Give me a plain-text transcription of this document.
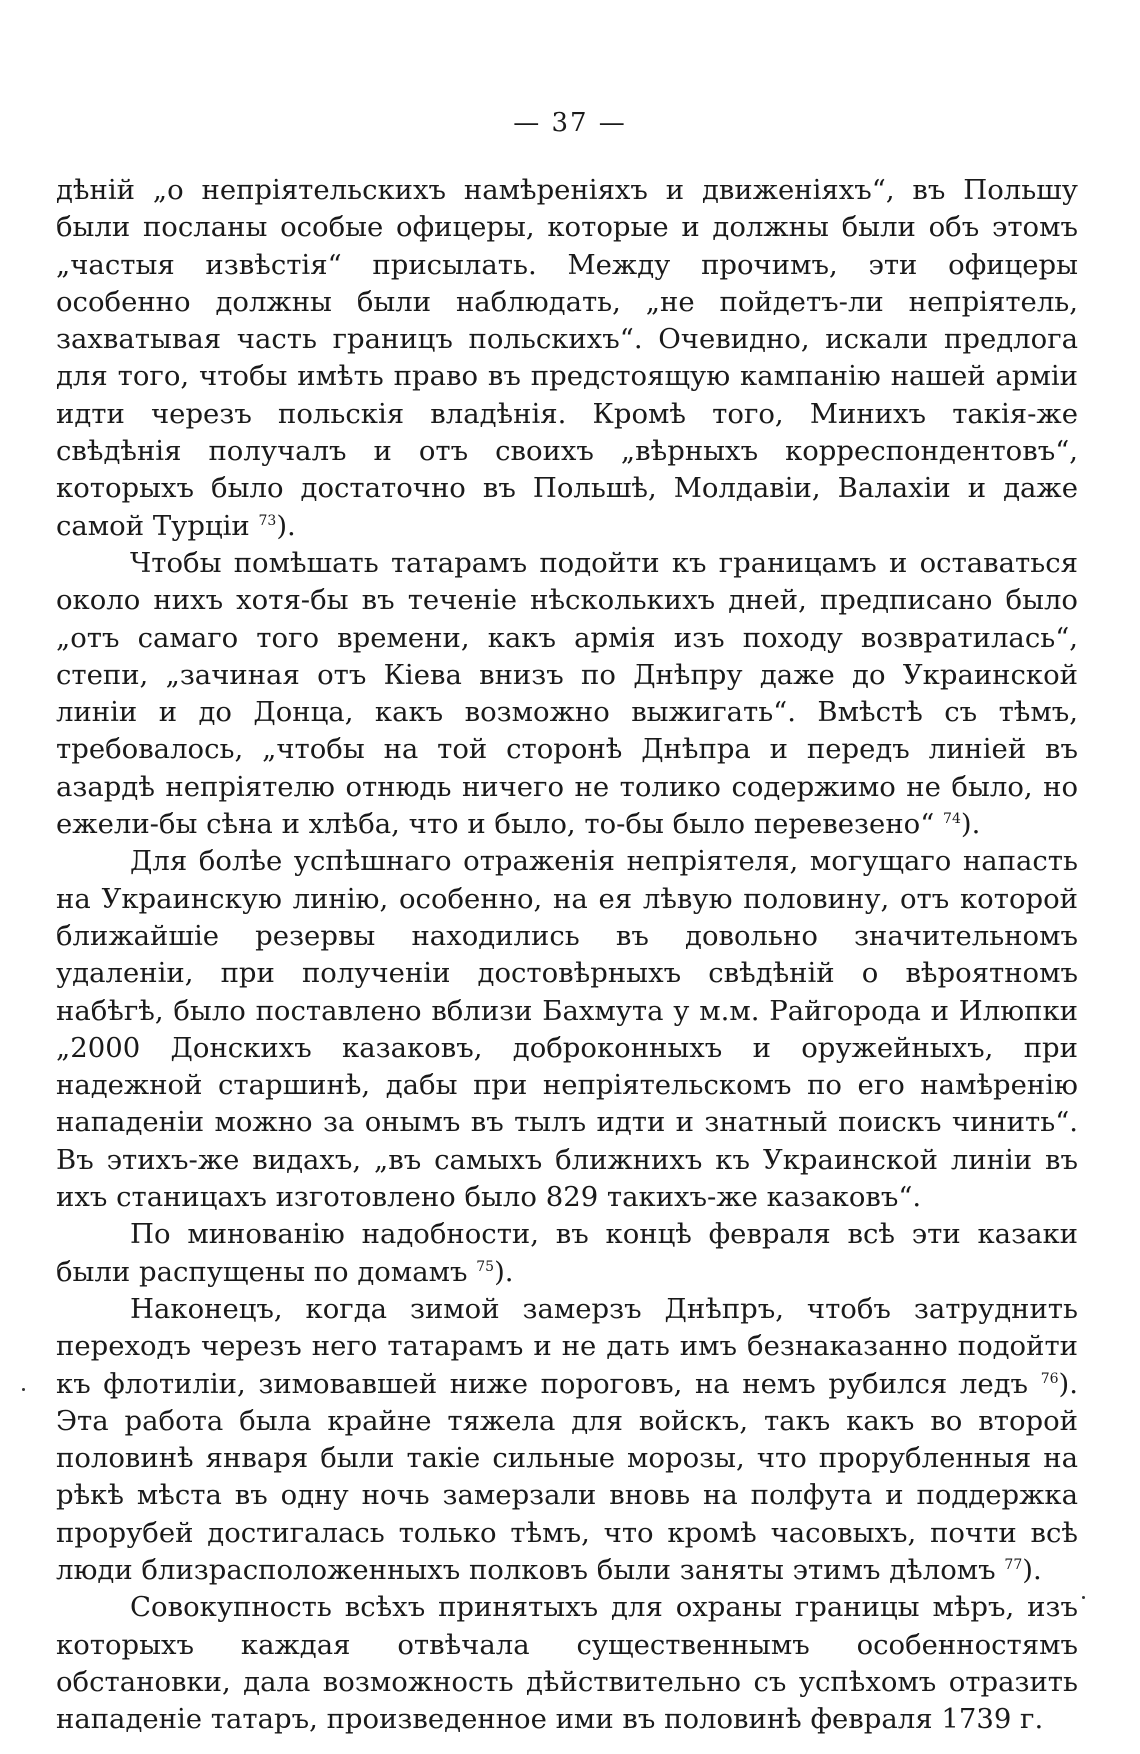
— 37 —

дѣній „о непріятельскихъ намѣреніяхъ и движеніяхъ“, въ Польшу были посланы особые офицеры, которые и должны были объ этомъ „частыя извѣстія“ присылать. Между прочимъ, эти офицеры особенно должны были наблюдать, „не пойдетъ-ли непріятель, захватывая часть границъ польскихъ“. Очевидно, искали предлога для того, чтобы имѣть право въ предстоящую кампанію нашей арміи идти черезъ польскія владѣнія. Кромѣ того, Минихъ такія-же свѣдѣнія получалъ и отъ своихъ „вѣрныхъ корреспондентовъ“, которыхъ было достаточно въ Польшѣ, Молдавіи, Валахіи и даже самой Турціи $^{73}$).

Чтобы помѣшать татарамъ подойти къ границамъ и оставаться около нихъ хотя-бы въ теченіе нѣсколькихъ дней, предписано было „отъ самаго того времени, какъ армія изъ походу возвратилась“, степи, „зачиная отъ Кіева внизъ по Днѣпру даже до Украинской линіи и до Донца, какъ возможно выжигать“. Вмѣстѣ съ тѣмъ, требовалось, „чтобы на той сторонѣ Днѣпра и передъ линіей въ азардѣ непріятелю отнюдь ничего не толико содержимо не было, но ежели-бы сѣна и хлѣба, что и было, то-бы было перевезено“ $^{74}$).

Для болѣе успѣшнаго отраженія непріятеля, могущаго напасть на Украинскую линію, особенно, на ея лѣвую половину, отъ которой ближайшіе резервы находились въ довольно значительномъ удаленіи, при полученіи достовѣрныхъ свѣдѣній о вѣроятномъ набѣгѣ, было поставлено вблизи Бахмута у м.м. Райгорода и Илюпки „2000 Донскихъ казаковъ, доброконныхъ и оружейныхъ, при надежной старшинѣ, дабы при непріятельскомъ по его намѣренію нападеніи можно за онымъ въ тылъ идти и знатный поискъ чинить“. Въ этихъ-же видахъ, „въ самыхъ ближнихъ къ Украинской линіи въ ихъ станицахъ изготовлено было 829 такихъ-же казаковъ“.

По минованію надобности, въ концѣ февраля всѣ эти казаки были распущены по домамъ $^{75}$).

Наконецъ, когда зимой замерзъ Днѣпръ, чтобъ затруднить переходъ черезъ него татарамъ и не дать имъ безнаказанно подойти къ флотиліи, зимовавшей ниже пороговъ, на немъ рубился ледъ $^{76}$). Эта работа была крайне тяжела для войскъ, такъ какъ во второй половинѣ января были такіе сильные морозы, что прорубленныя на рѣкѣ мѣста въ одну ночь замерзали вновь на полфута и поддержка прорубей достигалась только тѣмъ, что кромѣ часовыхъ, почти всѣ люди близрасположенныхъ полковъ были заняты этимъ дѣломъ $^{77}$).

Совокупность всѣхъ принятыхъ для охраны границы мѣръ, изъ которыхъ каждая отвѣчала существеннымъ особенностямъ обстановки, дала возможность дѣйствительно съ успѣхомъ отразить нападеніе татаръ, произведенное ими въ половинѣ февраля 1739 г.
